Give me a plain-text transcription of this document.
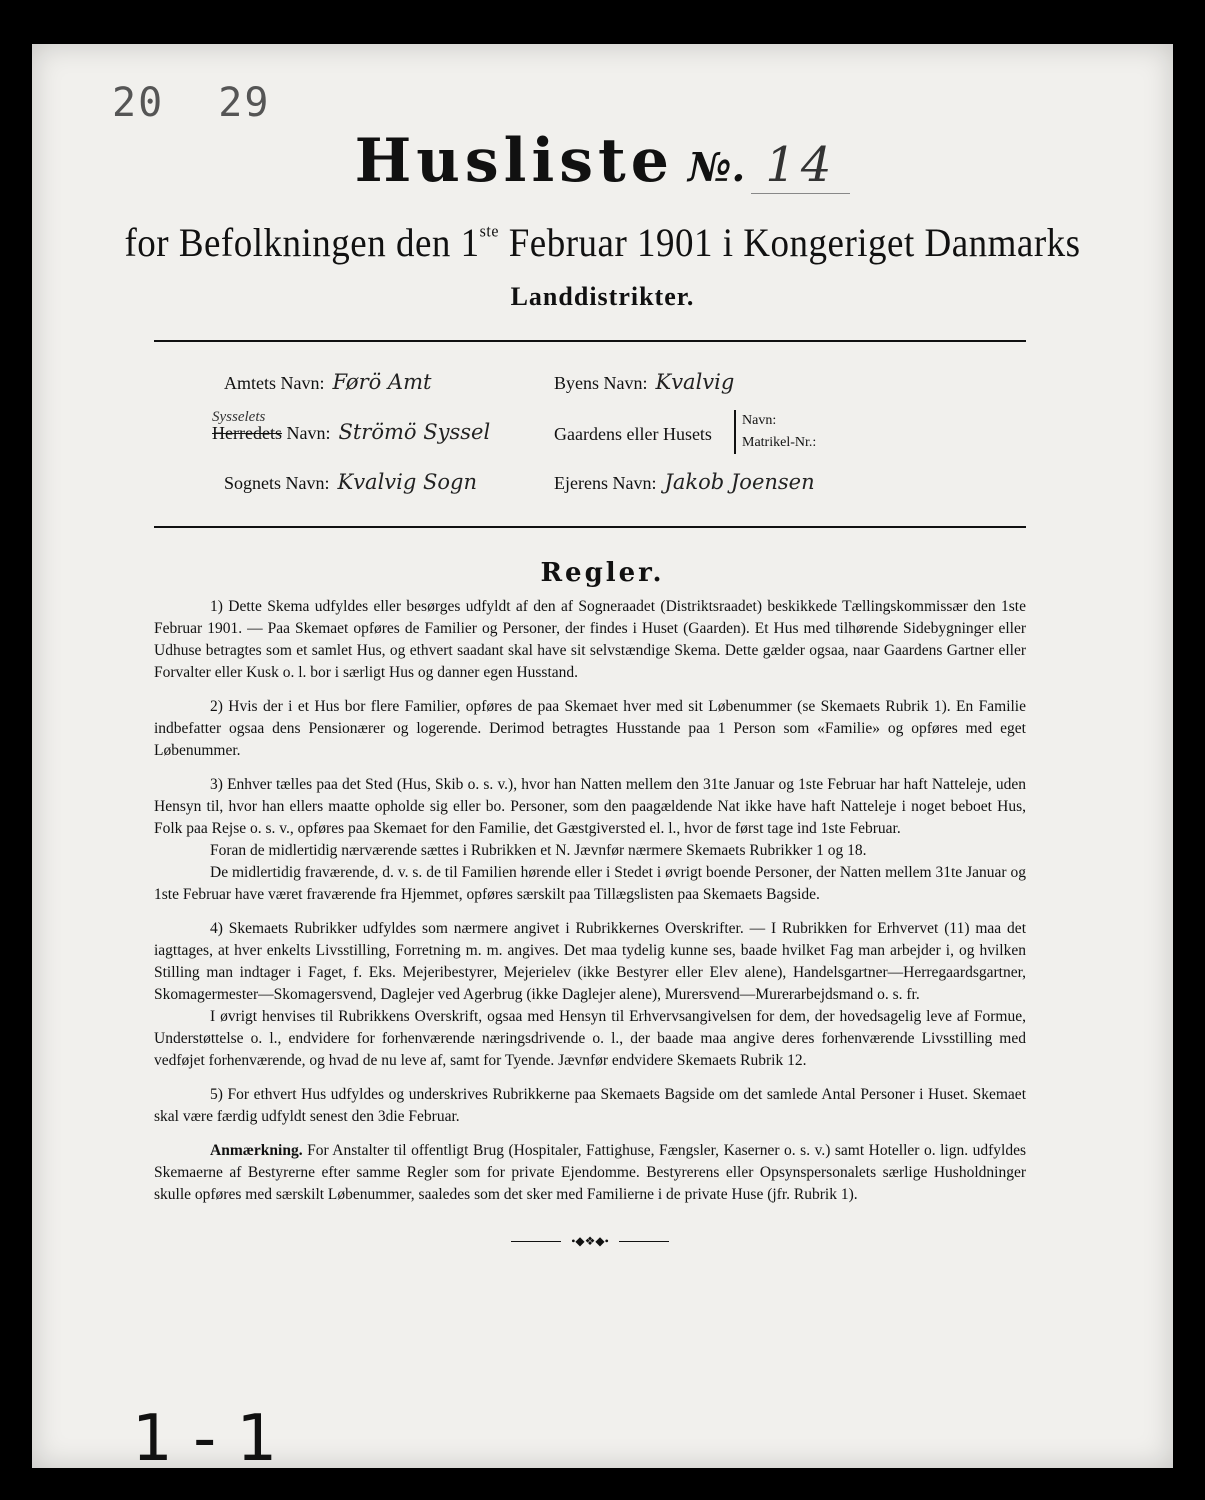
20 29
Husliste №. 14
for Befolkningen den 1ste Februar 1901 i Kongeriget Danmarks
Landdistrikter.
Amtets Navn: Førö Amt
Sysselets
Herredets Navn: Strömö Syssel
Sognets Navn: Kvalvig Sogn
Byens Navn: Kvalvig
Gaardens eller Husets
Navn:
Matrikel-Nr.:
Ejerens Navn: Jakob Joensen
Regler.

1) Dette Skema udfyldes eller besørges udfyldt af den af Sogneraadet (Distriktsraadet) beskikkede Tællingskommissær den 1ste Februar 1901. — Paa Skemaet opføres de Familier og Personer, der findes i Huset (Gaarden). Et Hus med tilhørende Sidebygninger eller Udhuse betragtes som et samlet Hus, og ethvert saadant skal have sit selvstændige Skema. Dette gælder ogsaa, naar Gaardens Gartner eller Forvalter eller Kusk o. l. bor i særligt Hus og danner egen Husstand.

2) Hvis der i et Hus bor flere Familier, opføres de paa Skemaet hver med sit Løbenummer (se Skemaets Rubrik 1). En Familie indbefatter ogsaa dens Pensionærer og logerende. Derimod betragtes Husstande paa 1 Person som «Familie» og opføres med eget Løbenummer.

3) Enhver tælles paa det Sted (Hus, Skib o. s. v.), hvor han Natten mellem den 31te Januar og 1ste Februar har haft Natteleje, uden Hensyn til, hvor han ellers maatte opholde sig eller bo. Personer, som den paagældende Nat ikke have haft Natteleje i noget beboet Hus, Folk paa Rejse o. s. v., opføres paa Skemaet for den Familie, det Gæstgiversted el. l., hvor de først tage ind 1ste Februar.

Foran de midlertidig nærværende sættes i Rubrikken et N. Jævnfør nærmere Skemaets Rubrikker 1 og 18.

De midlertidig fraværende, d. v. s. de til Familien hørende eller i Stedet i øvrigt boende Personer, der Natten mellem 31te Januar og 1ste Februar have været fraværende fra Hjemmet, opføres særskilt paa Tillægslisten paa Skemaets Bagside.

4) Skemaets Rubrikker udfyldes som nærmere angivet i Rubrikkernes Overskrifter. — I Rubrikken for Erhvervet (11) maa det iagttages, at hver enkelts Livsstilling, Forretning m. m. angives. Det maa tydelig kunne ses, baade hvilket Fag man arbejder i, og hvilken Stilling man indtager i Faget, f. Eks. Mejeribestyrer, Mejerielev (ikke Bestyrer eller Elev alene), Handelsgartner—Herregaardsgartner, Skomagermester—Skomagersvend, Daglejer ved Agerbrug (ikke Daglejer alene), Murersvend—Murerarbejdsmand o. s. fr.

I øvrigt henvises til Rubrikkens Overskrift, ogsaa med Hensyn til Erhvervsangivelsen for dem, der hovedsagelig leve af Formue, Understøttelse o. l., endvidere for forhenværende næringsdrivende o. l., der baade maa angive deres forhenværende Livsstilling med vedføjet forhenværende, og hvad de nu leve af, samt for Tyende. Jævnfør endvidere Skemaets Rubrik 12.

5) For ethvert Hus udfyldes og underskrives Rubrikkerne paa Skemaets Bagside om det samlede Antal Personer i Huset. Skemaet skal være færdig udfyldt senest den 3die Februar.

Anmærkning. For Anstalter til offentligt Brug (Hospitaler, Fattighuse, Fængsler, Kaserner o. s. v.) samt Hoteller o. lign. udfyldes Skemaerne af Bestyrerne efter samme Regler som for private Ejendomme. Bestyrerens eller Opsynspersonalets særlige Husholdninger skulle opføres med særskilt Løbenummer, saaledes som det sker med Familierne i de private Huse (jfr. Rubrik 1).

•◆❖◆•
1 - 1
